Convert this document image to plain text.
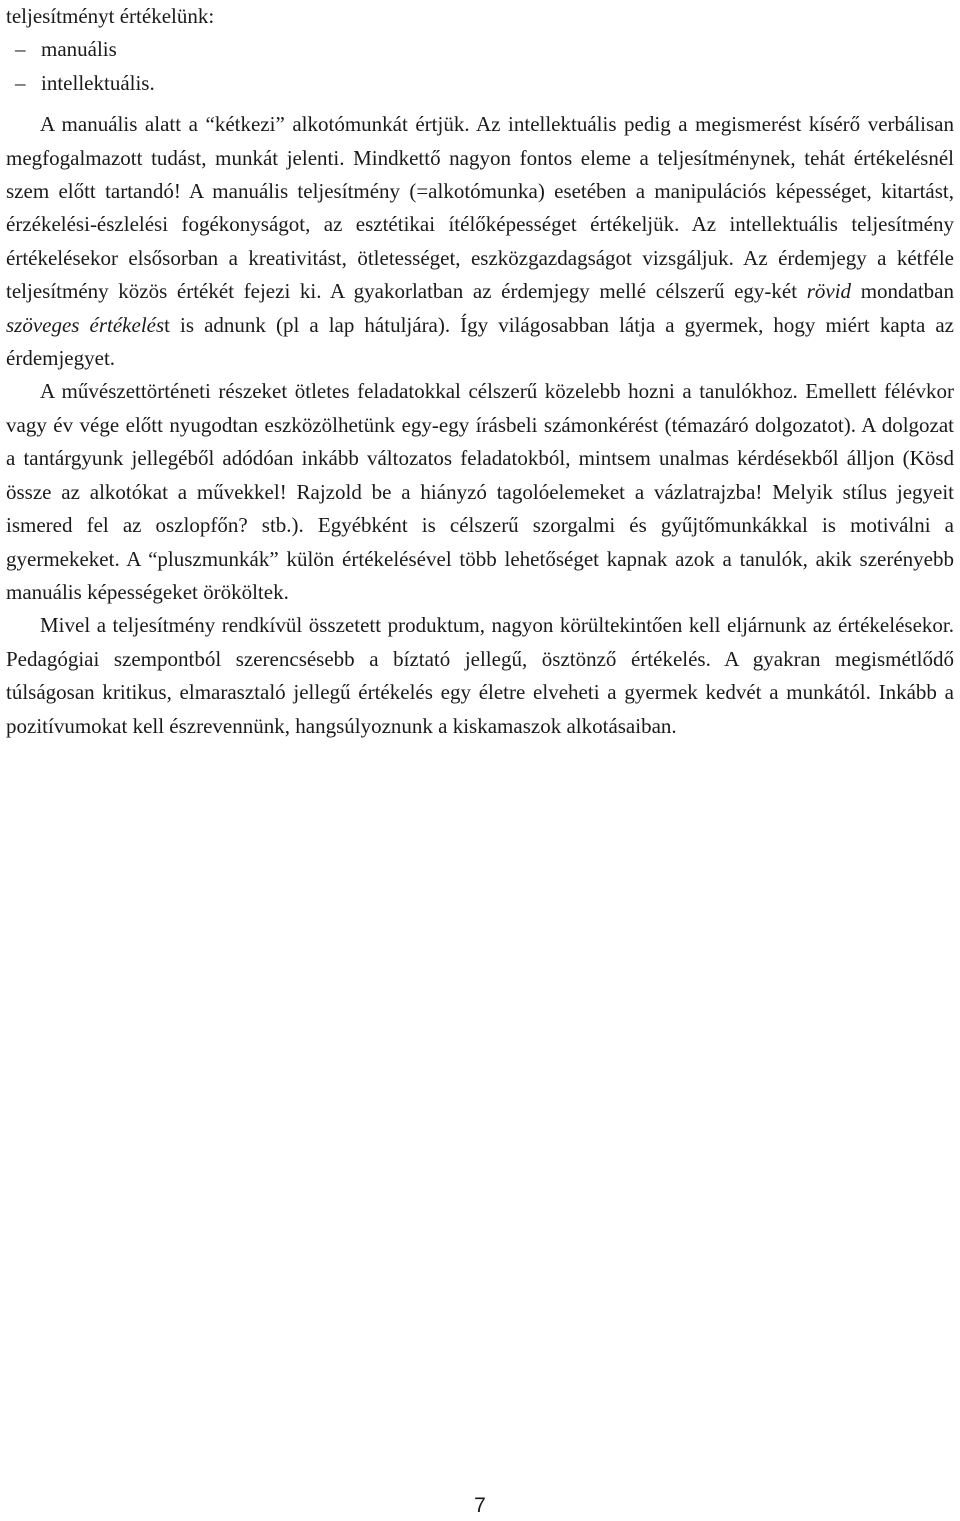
teljesítményt értékelünk:
– manuális
– intellektuális.

A manuális alatt a “kétkezi” alkotómunkát értjük. Az intellektuális pedig a megismerést kísérő verbálisan megfogalmazott tudást, munkát jelenti. Mindkettő nagyon fontos eleme a teljesítménynek, tehát értékelésnél szem előtt tartandó! A manuális teljesítmény (=alkotómunka) esetében a manipulációs képességet, kitartást, érzékelési-észlelési fogékonyságot, az esztétikai ítélőképességet értékeljük. Az intellektuális teljesítmény értékelésekor elsősorban a kreativitást, ötletességet, eszközgazdagságot vizsgáljuk. Az érdemjegy a kétféle teljesítmény közös értékét fejezi ki. A gyakorlatban az érdemjegy mellé célszerű egy-két rövid mondatban szöveges értékelést is adnunk (pl a lap hátuljára). Így világosabban látja a gyermek, hogy miért kapta az érdemjegyet.

A művészettörténeti részeket ötletes feladatokkal célszerű közelebb hozni a tanulókhoz. Emellett félévkor vagy év vége előtt nyugodtan eszközölhetünk egy-egy írásbeli számonkérést (témazáró dolgozatot). A dolgozat a tantárgyunk jellegéből adódóan inkább változatos feladatokból, mintsem unalmas kérdésekből álljon (Kösd össze az alkotókat a művekkel! Rajzold be a hiányzó tagolóelemeket a vázlatrajzba! Melyik stílus jegyeit ismered fel az oszlopfőn? stb.). Egyébként is célszerű szorgalmi és gyűjtőmunkákkal is motiválni a gyermekeket. A “pluszmunkák” külön értékelésével több lehetőséget kapnak azok a tanulók, akik szerényebb manuális képességeket örököltek.

Mivel a teljesítmény rendkívül összetett produktum, nagyon körültekintően kell eljárnunk az értékelésekor. Pedagógiai szempontból szerencsésebb a bíztató jellegű, ösztönző értékelés. A gyakran megismétlődő túlságosan kritikus, elmarasztaló jellegű értékelés egy életre elveheti a gyermek kedvét a munkától. Inkább a pozitívumokat kell észrevennünk, hangsúlyoznunk a kiskamaszok alkotásaiban.

7
